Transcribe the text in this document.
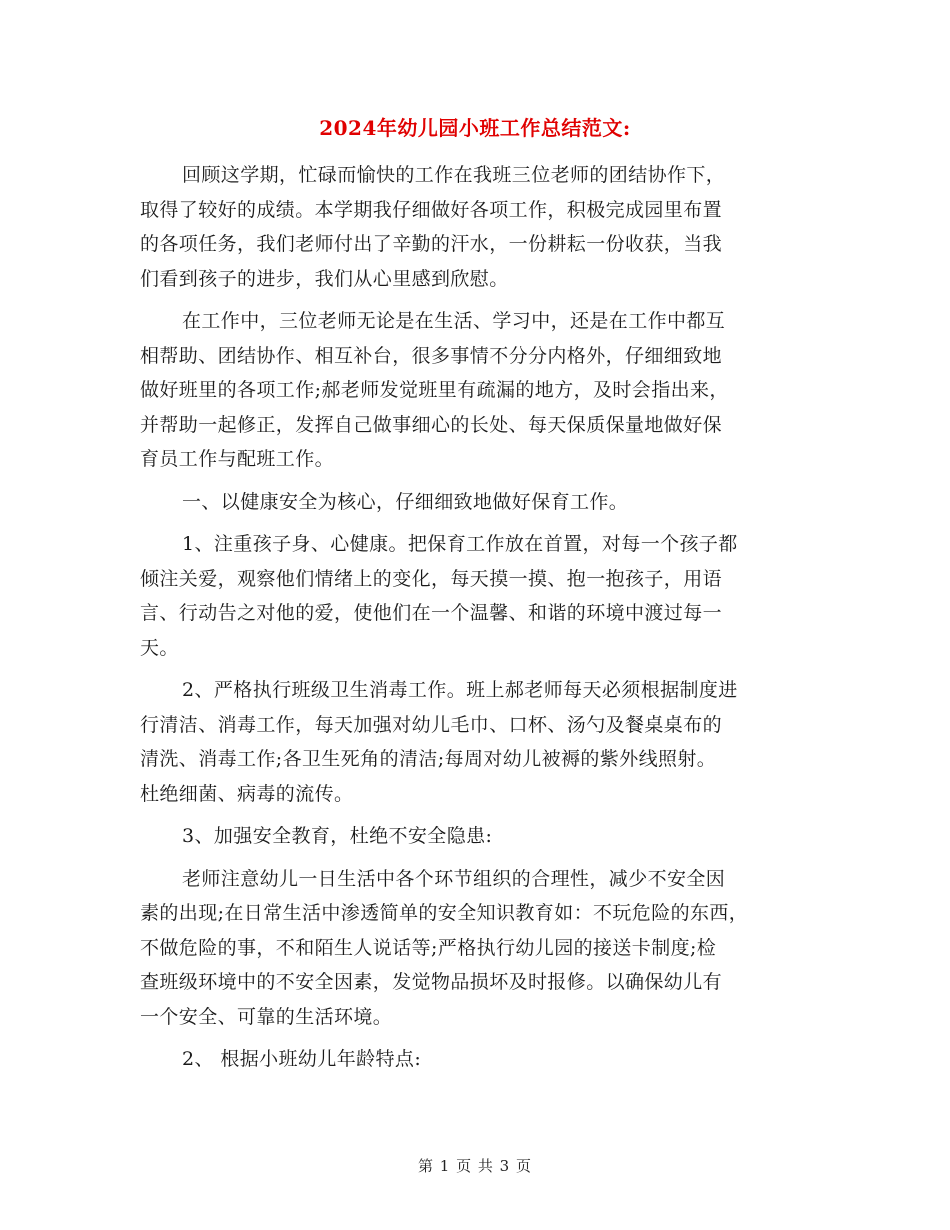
2024年幼儿园小班工作总结范文:
回顾这学期，忙碌而愉快的工作在我班三位老师的团结协作下，
取得了较好的成绩。本学期我仔细做好各项工作，积极完成园里布置
的各项任务，我们老师付出了辛勤的汗水，一份耕耘一份收获，当我
们看到孩子的进步，我们从心里感到欣慰。
在工作中，三位老师无论是在生活、学习中，还是在工作中都互
相帮助、团结协作、相互补台，很多事情不分分内格外，仔细细致地
做好班里的各项工作;郝老师发觉班里有疏漏的地方，及时会指出来，
并帮助一起修正，发挥自己做事细心的长处、每天保质保量地做好保
育员工作与配班工作。
一、以健康安全为核心，仔细细致地做好保育工作。
1、注重孩子身、心健康。把保育工作放在首置，对每一个孩子都
倾注关爱，观察他们情绪上的变化，每天摸一摸、抱一抱孩子，用语
言、行动告之对他的爱，使他们在一个温馨、和谐的环境中渡过每一
天。
2、严格执行班级卫生消毒工作。班上郝老师每天必须根据制度进
行清洁、消毒工作，每天加强对幼儿毛巾、口杯、汤勺及餐桌桌布的
清洗、消毒工作;各卫生死角的清洁;每周对幼儿被褥的紫外线照射。
杜绝细菌、病毒的流传。
3、加强安全教育，杜绝不安全隐患:
老师注意幼儿一日生活中各个环节组织的合理性，减少不安全因
素的出现;在日常生活中渗透简单的安全知识教育如：不玩危险的东西，
不做危险的事，不和陌生人说话等;严格执行幼儿园的接送卡制度;检
查班级环境中的不安全因素，发觉物品损坏及时报修。以确保幼儿有
一个安全、可靠的生活环境。
2、 根据小班幼儿年龄特点:
第 1 页 共 3 页
